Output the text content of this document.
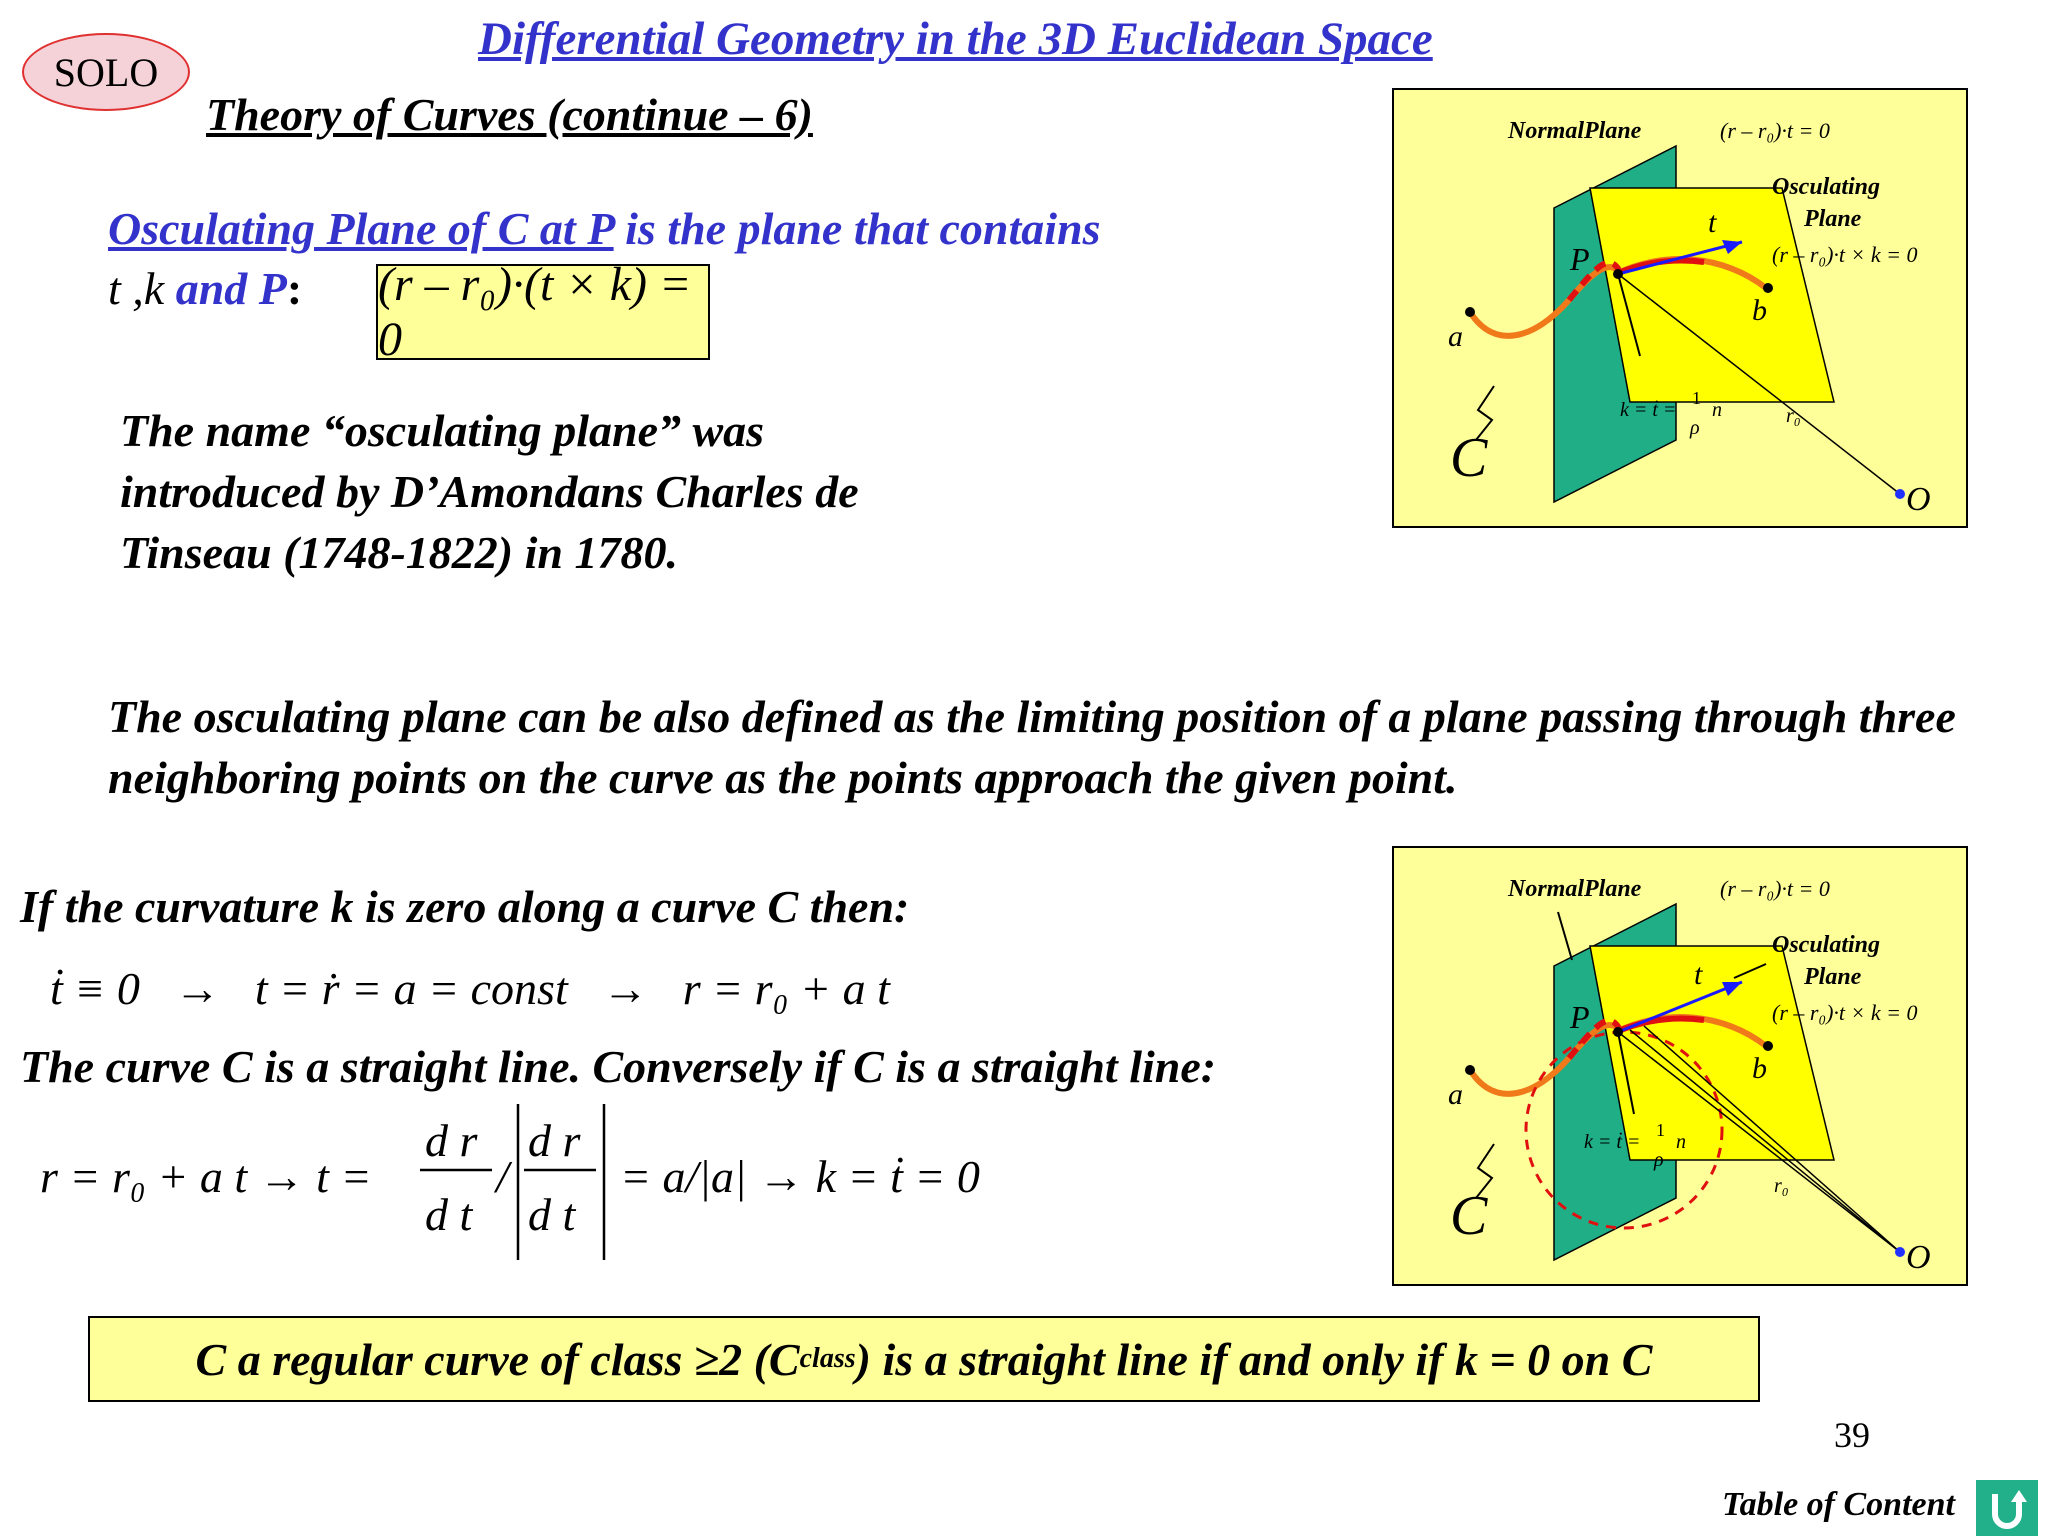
SOLO
Differential Geometry in the 3D Euclidean Space
Theory of Curves (continue – 6)
Osculating Plane of C at P is the plane that contains
t ,k and P: (r – r₀)·(t × k) = 0
The name “osculating plane” was introduced by D’Amondans Charles de Tinseau (1748-1822) in 1780.
The osculating plane can be also defined as the limiting position of a plane passing through three neighboring points on the curve as the points approach the given point.
If the curvature k is zero along a curve C then:
ṫ ≡ 0   →   t = ṙ = a = const   →   r = r₀ + a t
The curve C is a straight line. Conversely if C is a straight line:
r = r₀ + a t → t =
d r
d t
/
d r
d t
= a/|a| → k = ṫ = 0
NormalPlane	(r – r₀)·t = 0
Osculating
Plane
(r – r₀)·t × k = 0
t
P
a
b
C
O
r₀
k = ṫ =
1
ρ
n
NormalPlane	(r – r₀)·t = 0
Osculating
Plane
(r – r₀)·t × k = 0
t
P
a
b
C
O
r₀
k = ṫ =
1
ρ
n
C a regular curve of class ≥2 (C class ) is a straight line if and only if k = 0 on C
39
Table of Content
